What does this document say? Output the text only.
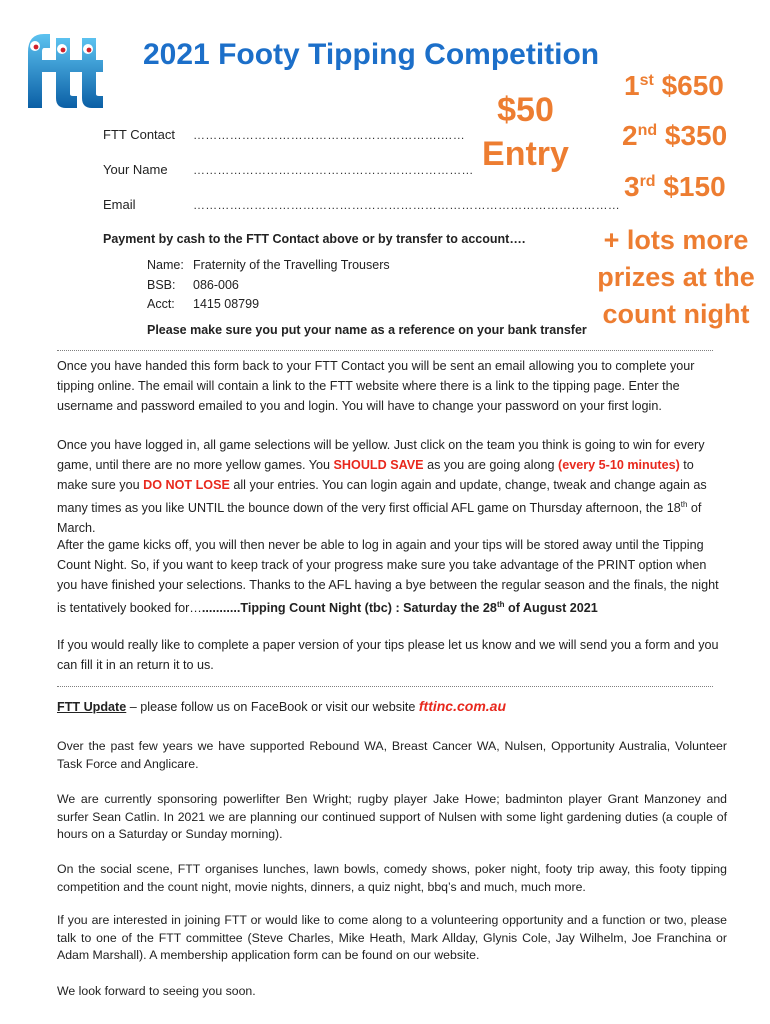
2021 Footy Tipping Competition
$50
Entry
1st $650
2nd $350
3rd $150
+ lots more
prizes at the
count night
FTT Contact …………………………………………………….……
Your Name ……………………………………………………………
Email	……………………………………………………………………………………………
Payment by cash to the FTT Contact above or by transfer to account….
Name: Fraternity of the Travelling Trousers
BSB: 086-006
Acct: 1415 08799
Please make sure you put your name as a reference on your bank transfer
Once you have handed this form back to your FTT Contact you will be sent an email allowing you to complete your tipping online. The email will contain a link to the FTT website where there is a link to the tipping page. Enter the username and password emailed to you and login. You will have to change your password on your first login.
Once you have logged in, all game selections will be yellow. Just click on the team you think is going to win for every game, until there are no more yellow games. You SHOULD SAVE as you are going along (every 5-10 minutes) to make sure you DO NOT LOSE all your entries. You can login again and update, change, tweak and change again as many times as you like UNTIL the bounce down of the very first official AFL game on Thursday afternoon, the 18th of March.
After the game kicks off, you will then never be able to log in again and your tips will be stored away until the Tipping Count Night. So, if you want to keep track of your progress make sure you take advantage of the PRINT option when you have finished your selections. Thanks to the AFL having a bye between the regular season and the finals, the night is tentatively booked for…...........Tipping Count Night (tbc) : Saturday the 28th of August 2021
If you would really like to complete a paper version of your tips please let us know and we will send you a form and you can fill it in an return it to us.
FTT Update – please follow us on FaceBook or visit our website fttinc.com.au
Over the past few years we have supported Rebound WA, Breast Cancer WA, Nulsen, Opportunity Australia, Volunteer Task Force and Anglicare.
We are currently sponsoring powerlifter Ben Wright; rugby player Jake Howe; badminton player Grant Manzoney and surfer Sean Catlin. In 2021 we are planning our continued support of Nulsen with some light gardening duties (a couple of hours on a Saturday or Sunday morning).
On the social scene, FTT organises lunches, lawn bowls, comedy shows, poker night, footy trip away, this footy tipping competition and the count night, movie nights, dinners, a quiz night, bbq’s and much, much more.
If you are interested in joining FTT or would like to come along to a volunteering opportunity and a function or two, please talk to one of the FTT committee (Steve Charles, Mike Heath, Mark Allday, Glynis Cole, Jay Wilhelm, Joe Franchina or Adam Marshall). A membership application form can be found on our website.
We look forward to seeing you soon.
